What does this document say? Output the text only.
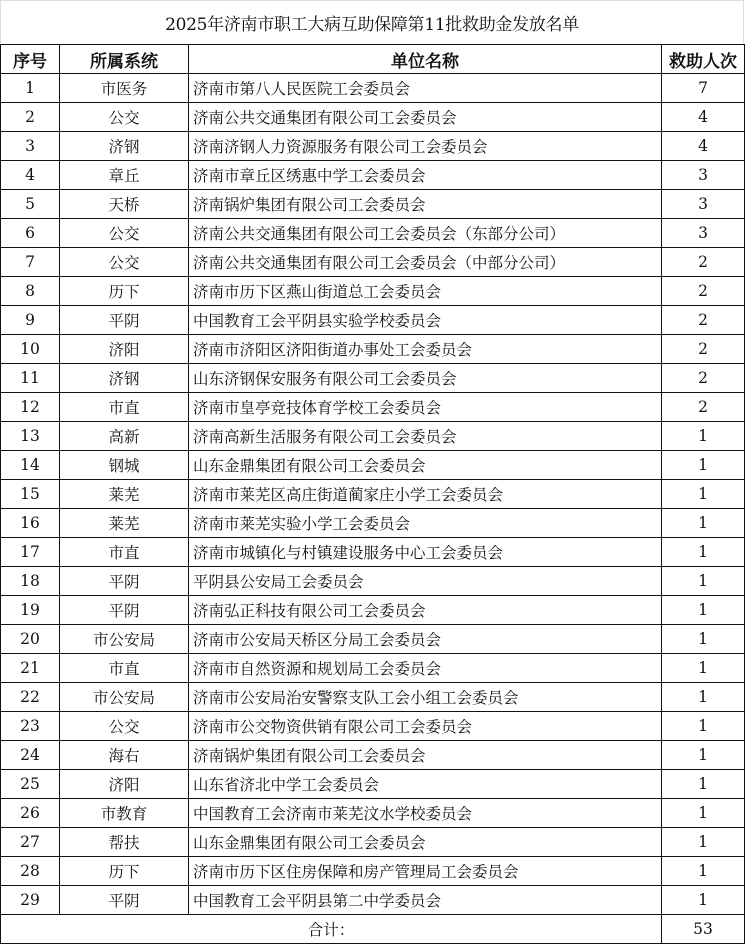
2025年济南市职工大病互助保障第11批救助金发放名单
序号	所属系统	单位名称	救助人次
1	市医务	济南市第八人民医院工会委员会	7
2	公交	济南公共交通集团有限公司工会委员会	4
3	济钢	济南济钢人力资源服务有限公司工会委员会	4
4	章丘	济南市章丘区绣惠中学工会委员会	3
5	天桥	济南锅炉集团有限公司工会委员会	3
6	公交	济南公共交通集团有限公司工会委员会（东部分公司）	3
7	公交	济南公共交通集团有限公司工会委员会（中部分公司）	2
8	历下	济南市历下区燕山街道总工会委员会	2
9	平阴	中国教育工会平阴县实验学校委员会	2
10	济阳	济南市济阳区济阳街道办事处工会委员会	2
11	济钢	山东济钢保安服务有限公司工会委员会	2
12	市直	济南市皇亭竞技体育学校工会委员会	2
13	高新	济南高新生活服务有限公司工会委员会	1
14	钢城	山东金鼎集团有限公司工会委员会	1
15	莱芜	济南市莱芜区高庄街道蔺家庄小学工会委员会	1
16	莱芜	济南市莱芜实验小学工会委员会	1
17	市直	济南市城镇化与村镇建设服务中心工会委员会	1
18	平阴	平阴县公安局工会委员会	1
19	平阴	济南弘正科技有限公司工会委员会	1
20	市公安局	济南市公安局天桥区分局工会委员会	1
21	市直	济南市自然资源和规划局工会委员会	1
22	市公安局	济南市公安局治安警察支队工会小组工会委员会	1
23	公交	济南市公交物资供销有限公司工会委员会	1
24	海右	济南锅炉集团有限公司工会委员会	1
25	济阳	山东省济北中学工会委员会	1
26	市教育	中国教育工会济南市莱芜汶水学校委员会	1
27	帮扶	山东金鼎集团有限公司工会委员会	1
28	历下	济南市历下区住房保障和房产管理局工会委员会	1
29	平阴	中国教育工会平阴县第二中学委员会	1
合计：			53
